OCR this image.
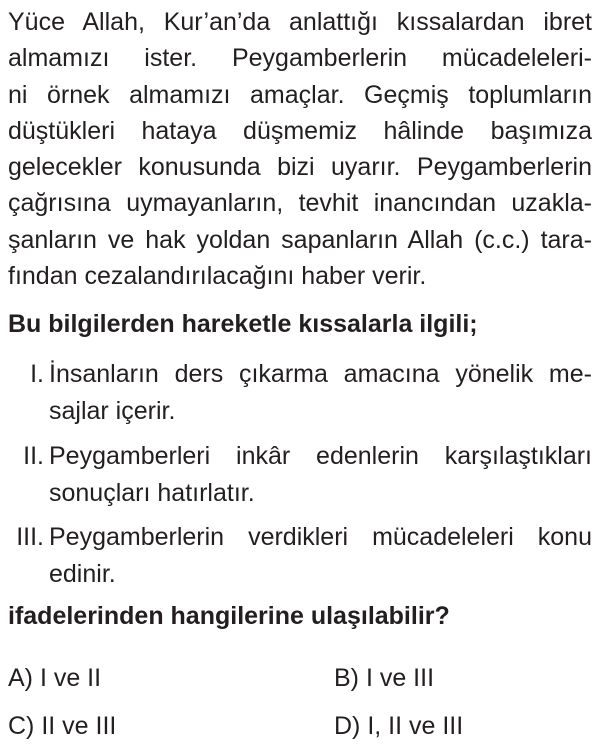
Yüce Allah, Kur’an’da anlattığı kıssalardan ibret
almamızı ister. Peygamberlerin mücadeleleri-
ni örnek almamızı amaçlar. Geçmiş toplumların
düştükleri hataya düşmemiz hâlinde başımıza
gelecekler konusunda bizi uyarır. Peygamberlerin
çağrısına uymayanların, tevhit inancından uzakla-
şanların ve hak yoldan sapanların Allah (c.c.) tara-
fından cezalandırılacağını haber verir.
Bu bilgilerden hareketle kıssalarla ilgili;
I. İnsanların ders çıkarma amacına yönelik me-
sajlar içerir.
II. Peygamberleri inkâr edenlerin karşılaştıkları
sonuçları hatırlatır.
III. Peygamberlerin verdikleri mücadeleleri konu
edinir.
ifadelerinden hangilerine ulaşılabilir?
A) I ve II	B) I ve III
C) II ve III	D) I, II ve III
